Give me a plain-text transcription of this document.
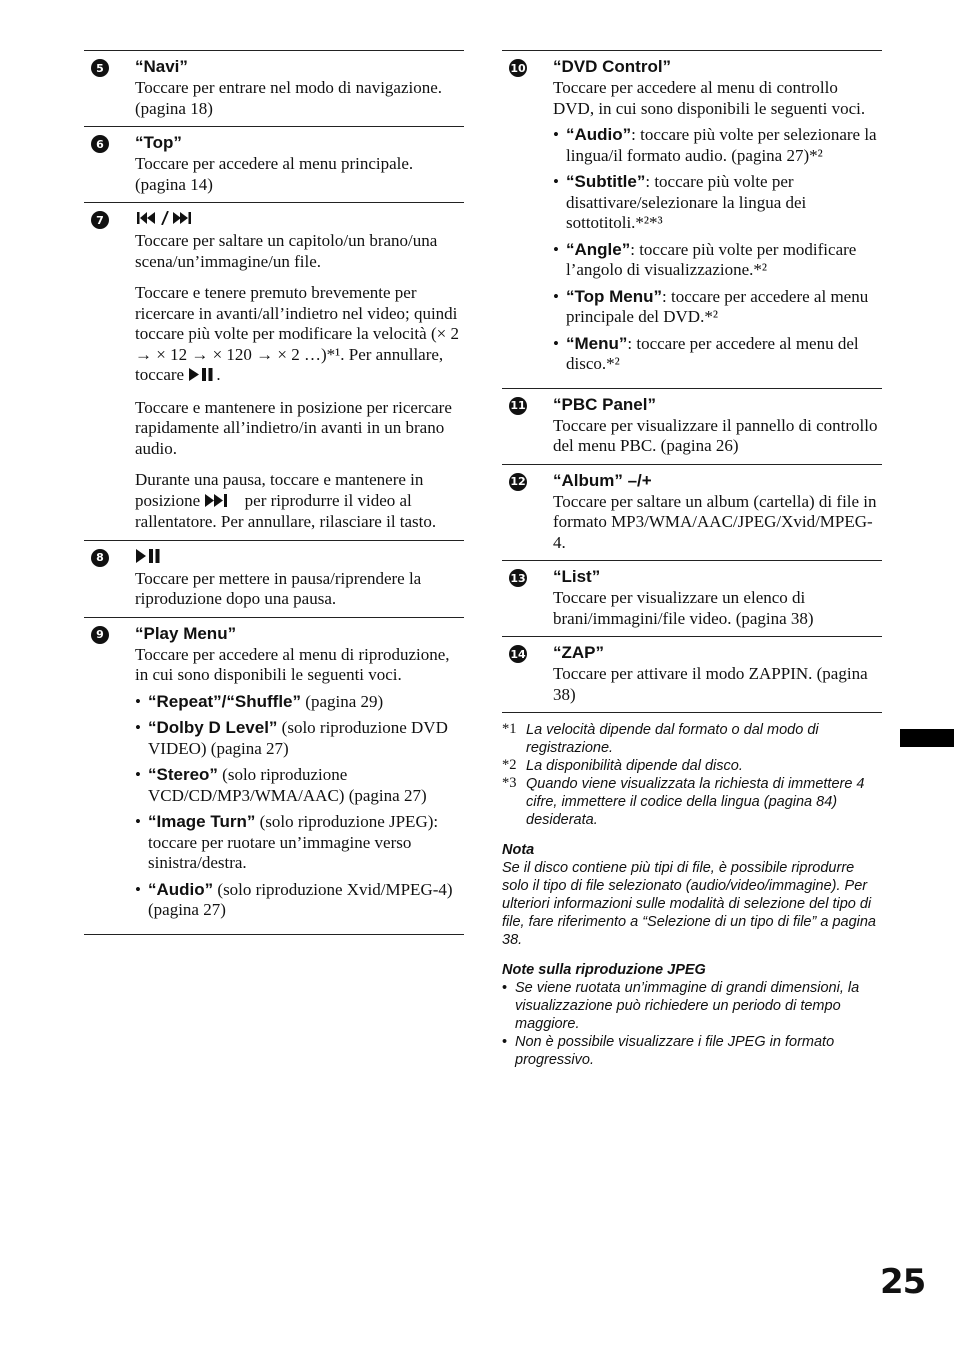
5	“Navi”

Toccare per entrare nel modo di navigazione. (pagina 18)

6	“Top”

Toccare per accedere al menu principale. (pagina 14)

7

Toccare per saltare un capitolo/un brano/una scena/un’immagine/un file.

Toccare e tenere premuto brevemente per ricercare in avanti/all’indietro nel video; quindi toccare più volte per modificare la velocità (× 2 → × 12 → × 120 → × 2 …)*¹. Per annullare, toccare .

Toccare e mantenere in posizione per ricercare rapidamente all’indietro/in avanti in un brano audio.

Durante una pausa, toccare e mantenere in posizione	per riprodurre il video al rallentatore. Per annullare, rilasciare il tasto.

8

Toccare per mettere in pausa/riprendere la riproduzione dopo una pausa.

9	“Play Menu”

Toccare per accedere al menu di riproduzione, in cui sono disponibili le seguenti voci.

• “Repeat”/“Shuffle” (pagina 29)
• “Dolby D Level” (solo riproduzione DVD VIDEO) (pagina 27)
• “Stereo” (solo riproduzione VCD/CD/MP3/WMA/AAC) (pagina 27)
• “Image Turn” (solo riproduzione JPEG): toccare per ruotare un’immagine verso sinistra/destra.
• “Audio” (solo riproduzione Xvid/MPEG-4) (pagina 27)
10 “DVD Control”

Toccare per accedere al menu di controllo DVD, in cui sono disponibili le seguenti voci.

• “Audio”: toccare più volte per selezionare la lingua/il formato audio. (pagina 27)*²
• “Subtitle”: toccare più volte per disattivare/selezionare la lingua dei sottotitoli.*²*³
• “Angle”: toccare più volte per modificare l’angolo di visualizzazione.*²
• “Top Menu”: toccare per accedere al menu principale del DVD.*²
• “Menu”: toccare per accedere al menu del disco.*²
11 “PBC Panel”

Toccare per visualizzare il pannello di controllo del menu PBC. (pagina 26)

12 “Album” –/+

Toccare per saltare un album (cartella) di file in formato MP3/WMA/AAC/JPEG/Xvid/MPEG-4.

13 “List”

Toccare per visualizzare un elenco di brani/immagini/file video. (pagina 38)

14 “ZAP”

Toccare per attivare il modo ZAPPIN. (pagina 38)

*1 La velocità dipende dal formato o dal modo di registrazione.
*2 La disponibilità dipende dal disco.
*3 Quando viene visualizzata la richiesta di immettere 4 cifre, immettere il codice della lingua (pagina 84) desiderata.
Nota
Se il disco contiene più tipi di file, è possibile riprodurre solo il tipo di file selezionato (audio/video/immagine). Per ulteriori informazioni sulle modalità di selezione del tipo di file, fare riferimento a “Selezione di un tipo di file” a pagina 38.
Note sulla riproduzione JPEG
• Se viene ruotata un’immagine di grandi dimensioni, la visualizzazione può richiedere un periodo di tempo maggiore.
• Non è possibile visualizzare i file JPEG in formato progressivo.
25
